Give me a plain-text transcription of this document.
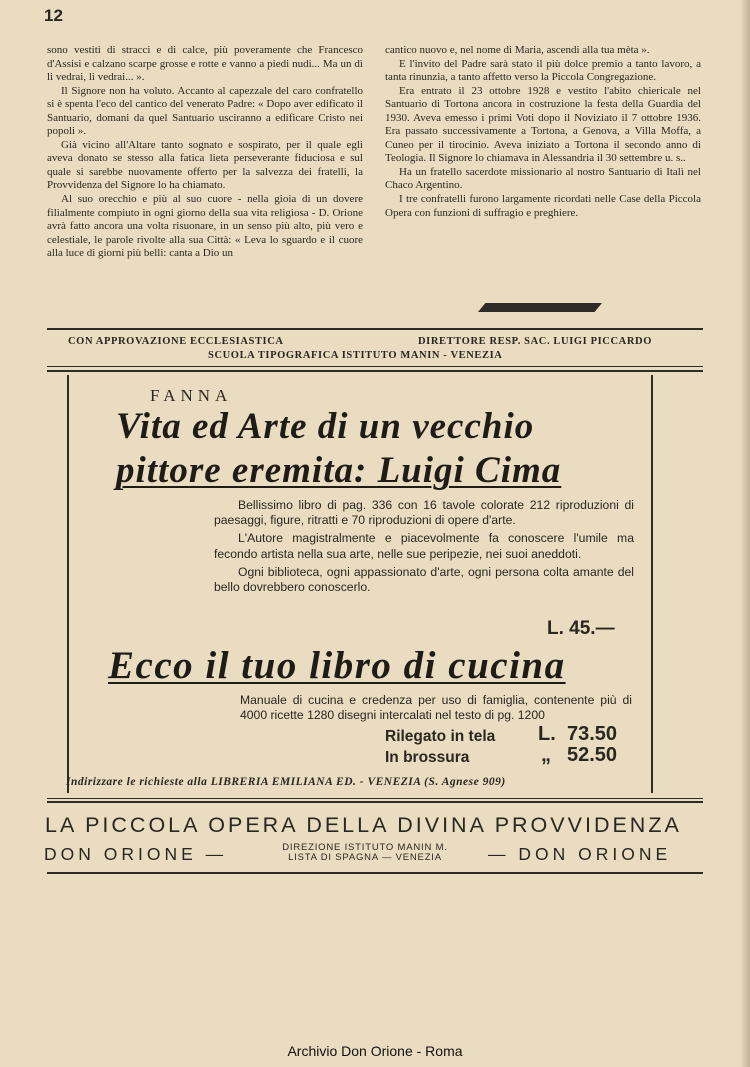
12

sono vestiti di stracci e di calce, più poveramente che Francesco d'Assisi e calzano scarpe grosse e rotte e vanno a piedi nudi... Ma un dì li vedrai, li vedrai... ».

Il Signore non ha voluto. Accanto al capezzale del caro confratello si è spenta l'eco del cantico del venerato Padre: « Dopo aver edificato il Santuario, domani da quel Santuario usciranno a edificare Cristo nei popoli ».

Già vicino all'Altare tanto sognato e sospirato, per il quale egli aveva donato se stesso alla fatica lieta perseverante fiduciosa e sul quale si sarebbe nuovamente offerto per la salvezza dei fratelli, la Provvidenza del Signore lo ha chiamato.

Al suo orecchio e più al suo cuore - nella gioia di un dovere filialmente compiuto in ogni giorno della sua vita religiosa - D. Orione avrà fatto ancora una volta risuonare, in un senso più alto, più vero e celestiale, le parole rivolte alla sua Città: « Leva lo sguardo e il cuore alla luce di giorni più belli: canta a Dio un

cantico nuovo e, nel nome di Maria, ascendi alla tua mèta ».

E l'invito del Padre sarà stato il più dolce premio a tanto lavoro, a tanta rinunzia, a tanto affetto verso la Piccola Congregazione.

Era entrato il 23 ottobre 1928 e vestito l'abito chiericale nel Santuario di Tortona ancora in costruzione la festa della Guardia del 1930. Aveva emesso i primi Voti dopo il Noviziato il 7 ottobre 1936. Era passato successivamente a Tortona, a Genova, a Villa Moffa, a Cuneo per il tirocinio. Aveva iniziato a Tortona il secondo anno di Teologia. Il Signore lo chiamava in Alessandria il 30 settembre u. s..

Ha un fratello sacerdote missionario al nostro Santuario di Italì nel Chaco Argentino.

I tre confratelli furono largamente ricordati nelle Case della Piccola Opera con funzioni di suffragio e preghiere.

CON APPROVAZIONE ECCLESIASTICA	DIRETTORE RESP. SAC. LUIGI PICCARDO
SCUOLA TIPOGRAFICA ISTITUTO MANIN - VENEZIA
FANNA
Vita ed Arte di un vecchio
pittore eremita: Luigi Cima

Bellissimo libro di pag. 336 con 16 tavole colorate 212 riproduzioni di paesaggi, figure, ritratti e 70 riproduzioni di opere d'arte.

L'Autore magistralmente e piacevolmente fa conoscere l'umile ma fecondo artista nella sua arte, nelle sue peripezie, nei suoi aneddoti.

Ogni biblioteca, ogni appassionato d'arte, ogni persona colta amante del bello dovrebbero conoscerlo.

L. 45.—
Ecco il tuo libro di cucina

Manuale di cucina e credenza per uso di famiglia, contenente più di 4000 ricette 1280 disegni intercalati nel testo di pg. 1200

Rilegato in tela L. 73.50
In brossura	„ 52.50
Indirizzare le richieste alla LIBRERIA EMILIANA ED. - VENEZIA (S. Agnese 909)
LA PICCOLA OPERA DELLA DIVINA PROVVIDENZA
DON ORIONE —	DIREZIONE ISTITUTO MANIN M.
LISTA DI SPAGNA — VENEZIA	— DON ORIONE
Archivio Don Orione - Roma
